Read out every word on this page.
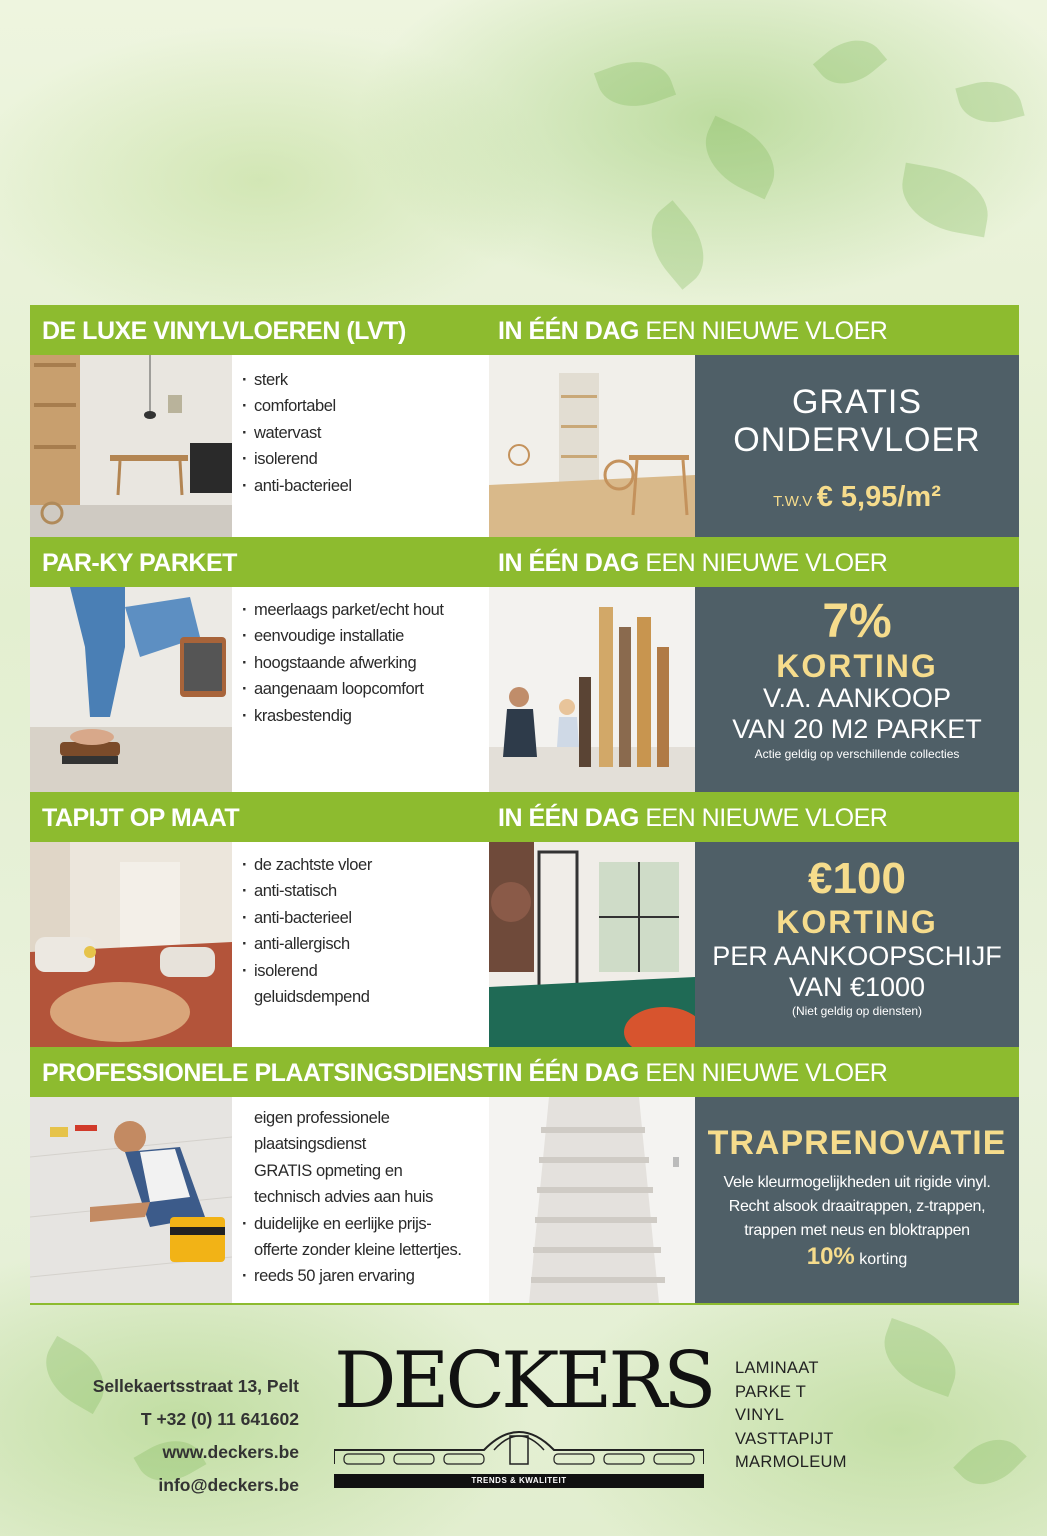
DE LUXE VINYLVLOEREN (LVT)	IN ÉÉN DAG EEN NIEUWE VLOER
· sterk
· comfortabel
· watervast
· isolerend
· anti-bacterieel
GRATIS
ONDERVLOER
T.W.V € 5,95/m²
PAR-KY PARKET	IN ÉÉN DAG EEN NIEUWE VLOER
· meerlaags parket/echt hout
· eenvoudige installatie
· hoogstaande afwerking
· aangenaam loopcomfort
· krasbestendig
7%
KORTING
V.A. AANKOOP
VAN 20 M2 PARKET
Actie geldig op verschillende collecties
TAPIJT OP MAAT	IN ÉÉN DAG EEN NIEUWE VLOER
· de zachtste vloer
· anti-statisch
· anti-bacterieel
· anti-allergisch
· isolerend
geluidsdempend
€100
KORTING
PER AANKOOPSCHIJF
VAN €1000
(Niet geldig op diensten)
PROFESSIONELE PLAATSINGSDIENST IN ÉÉN DAG EEN NIEUWE VLOER
eigen professionele
plaatsingsdienst
GRATIS opmeting en
technisch advies aan huis
· duidelijke en eerlijke prijs-
offerte zonder kleine lettertjes.
· reeds 50 jaren ervaring
TRAPRENOVATIE
Vele kleurmogelijkheden uit rigide vinyl.
Recht alsook draaitrappen, z-trappen,
trappen met neus en bloktrappen
10% korting
Sellekaertsstraat 13, Pelt
T +32 (0) 11 641602
www.deckers.be
info@deckers.be
DECKERS
TRENDS & KWALITEIT
LAMINAAT
PARKE T
VINYL
VASTTAPIJT
MARMOLEUM
